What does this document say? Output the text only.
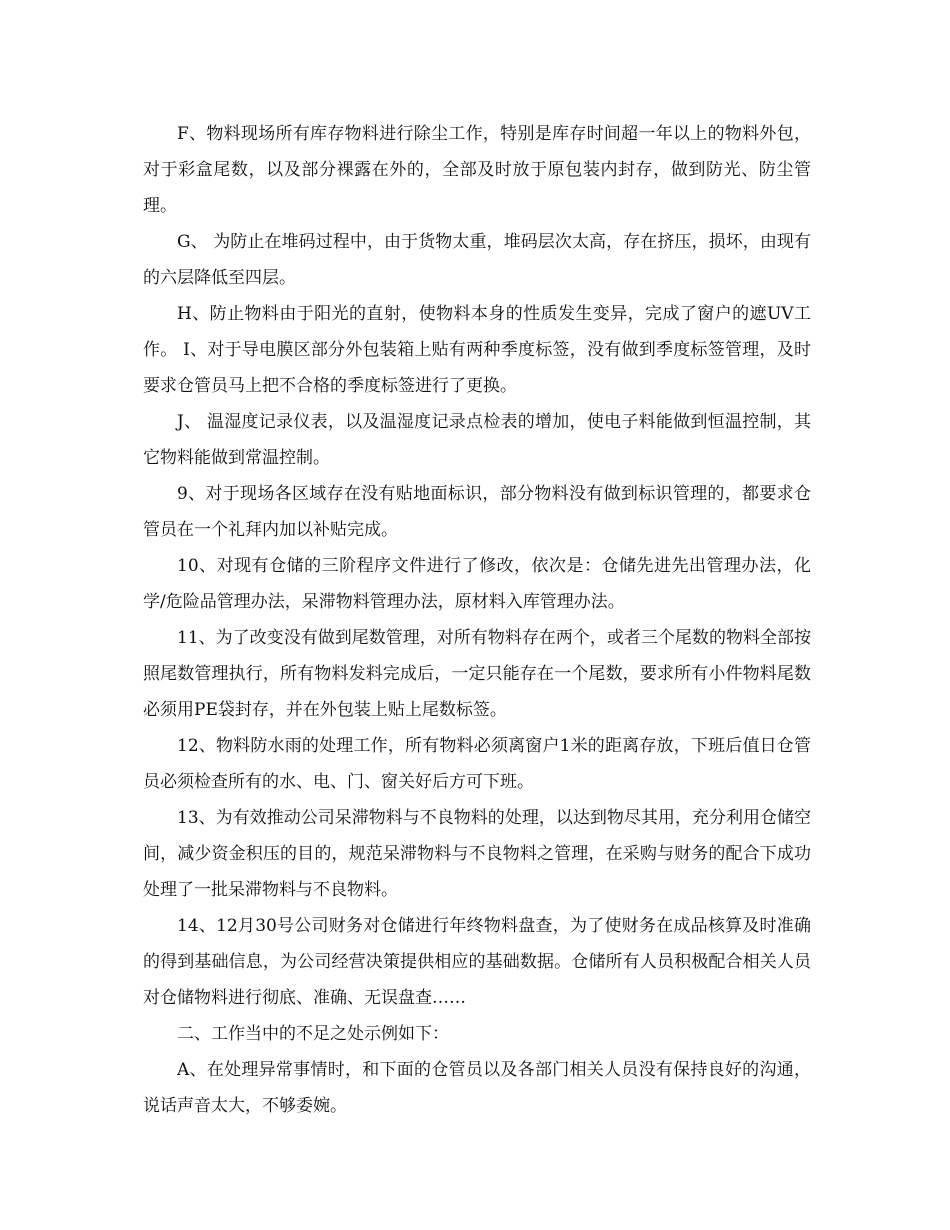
F、物料现场所有库存物料进行除尘工作，特别是库存时间超一年以上的物料外包，对于彩盒尾数，以及部分裸露在外的，全部及时放于原包装内封存，做到防光、防尘管理。

G、 为防止在堆码过程中，由于货物太重，堆码层次太高，存在挤压，损坏，由现有的六层降低至四层。

H、防止物料由于阳光的直射，使物料本身的性质发生变异，完成了窗户的遮UV工作。 I、对于导电膜区部分外包装箱上贴有两种季度标签，没有做到季度标签管理，及时要求仓管员马上把不合格的季度标签进行了更换。

J、 温湿度记录仪表，以及温湿度记录点检表的增加，使电子料能做到恒温控制，其它物料能做到常温控制。

9、对于现场各区域存在没有贴地面标识，部分物料没有做到标识管理的，都要求仓管员在一个礼拜内加以补贴完成。

10、对现有仓储的三阶程序文件进行了修改，依次是：仓储先进先出管理办法，化学/危险品管理办法，呆滞物料管理办法，原材料入库管理办法。

11、为了改变没有做到尾数管理，对所有物料存在两个，或者三个尾数的物料全部按照尾数管理执行，所有物料发料完成后，一定只能存在一个尾数，要求所有小件物料尾数必须用PE袋封存，并在外包装上贴上尾数标签。

12、物料防水雨的处理工作，所有物料必须离窗户1米的距离存放，下班后值日仓管员必须检查所有的水、电、门、窗关好后方可下班。

13、为有效推动公司呆滞物料与不良物料的处理，以达到物尽其用，充分利用仓储空间，减少资金积压的目的，规范呆滞物料与不良物料之管理，在采购与财务的配合下成功处理了一批呆滞物料与不良物料。

14、12月30号公司财务对仓储进行年终物料盘查，为了使财务在成品核算及时准确的得到基础信息，为公司经营决策提供相应的基础数据。仓储所有人员积极配合相关人员对仓储物料进行彻底、准确、无误盘查……

二、工作当中的不足之处示例如下：

A、在处理异常事情时，和下面的仓管员以及各部门相关人员没有保持良好的沟通，说话声音太大，不够委婉。
